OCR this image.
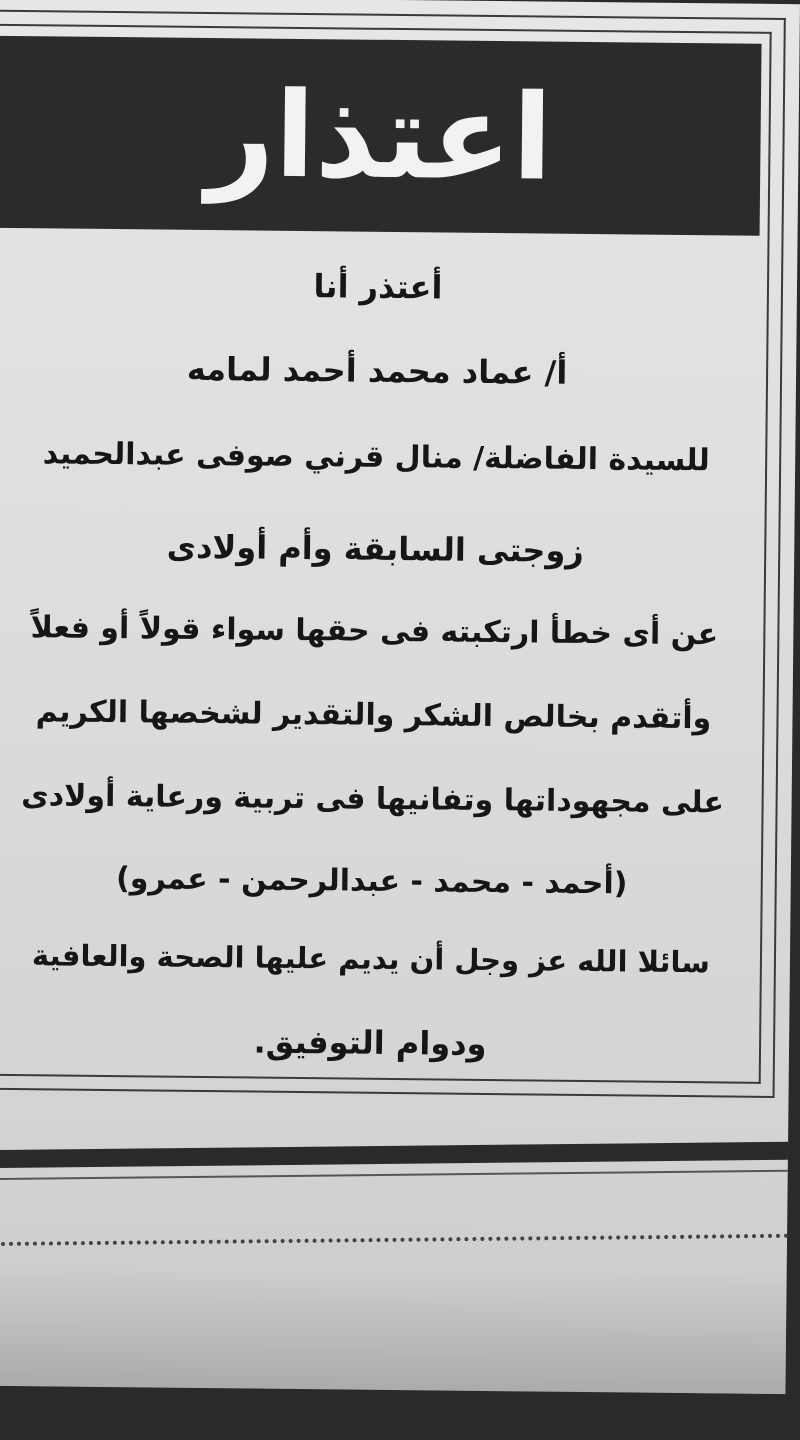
اعتذار
أعتذر أنا
أ/ عماد محمد أحمد لمامه
للسيدة الفاضلة/ منال قرني صوفى عبدالحميد
زوجتى السابقة وأم أولادى
عن أى خطأ ارتكبته فى حقها سواء قولاً أو فعلاً
وأتقدم بخالص الشكر والتقدير لشخصها الكريم
على مجهوداتها وتفانيها فى تربية ورعاية أولادى
(أحمد - محمد - عبدالرحمن - عمرو)
سائلا الله عز وجل أن يديم عليها الصحة والعافية
ودوام التوفيق.
